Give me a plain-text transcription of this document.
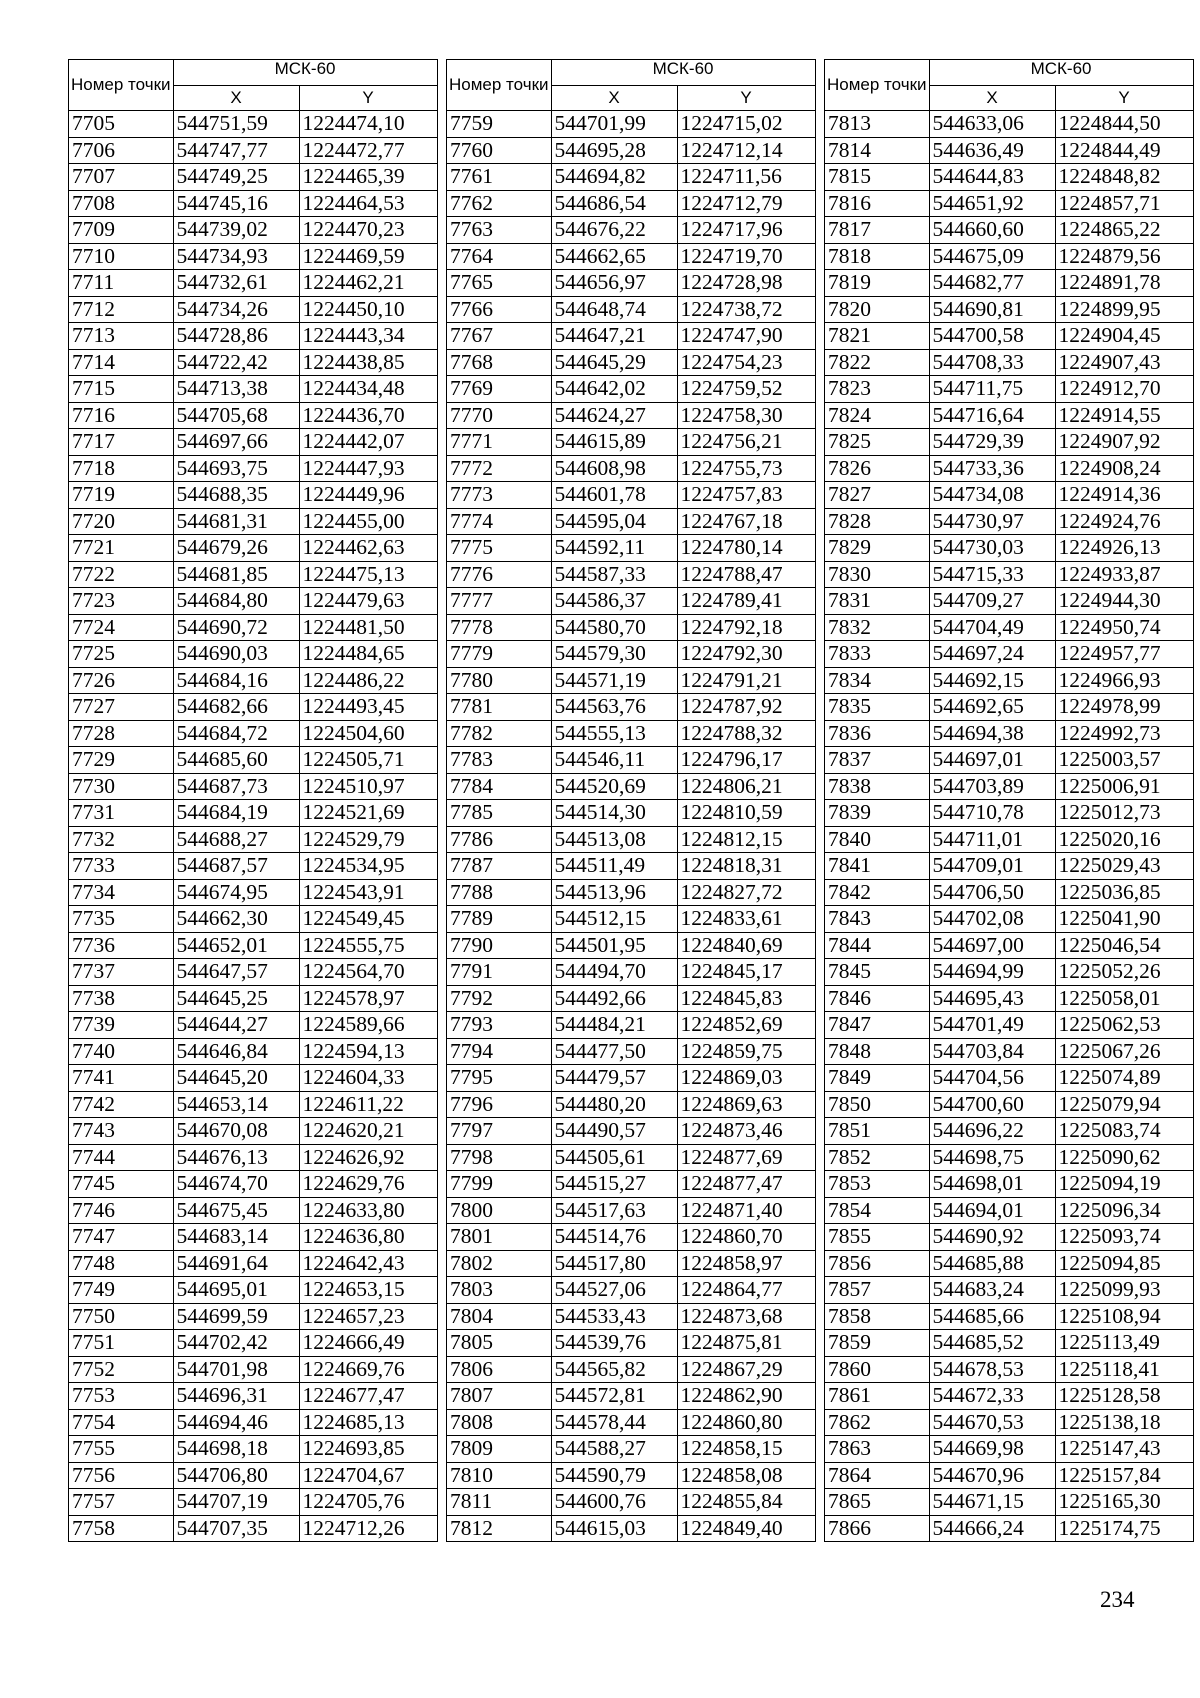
Номер точки	МСК-60	
	X	Y
7705	544751,59	1224474,10
7706	544747,77	1224472,77
7707	544749,25	1224465,39
7708	544745,16	1224464,53
7709	544739,02	1224470,23
7710	544734,93	1224469,59
7711	544732,61	1224462,21
7712	544734,26	1224450,10
7713	544728,86	1224443,34
7714	544722,42	1224438,85
7715	544713,38	1224434,48
7716	544705,68	1224436,70
7717	544697,66	1224442,07
7718	544693,75	1224447,93
7719	544688,35	1224449,96
7720	544681,31	1224455,00
7721	544679,26	1224462,63
7722	544681,85	1224475,13
7723	544684,80	1224479,63
7724	544690,72	1224481,50
7725	544690,03	1224484,65
7726	544684,16	1224486,22
7727	544682,66	1224493,45
7728	544684,72	1224504,60
7729	544685,60	1224505,71
7730	544687,73	1224510,97
7731	544684,19	1224521,69
7732	544688,27	1224529,79
7733	544687,57	1224534,95
7734	544674,95	1224543,91
7735	544662,30	1224549,45
7736	544652,01	1224555,75
7737	544647,57	1224564,70
7738	544645,25	1224578,97
7739	544644,27	1224589,66
7740	544646,84	1224594,13
7741	544645,20	1224604,33
7742	544653,14	1224611,22
7743	544670,08	1224620,21
7744	544676,13	1224626,92
7745	544674,70	1224629,76
7746	544675,45	1224633,80
7747	544683,14	1224636,80
7748	544691,64	1224642,43
7749	544695,01	1224653,15
7750	544699,59	1224657,23
7751	544702,42	1224666,49
7752	544701,98	1224669,76
7753	544696,31	1224677,47
7754	544694,46	1224685,13
7755	544698,18	1224693,85
7756	544706,80	1224704,67
7757	544707,19	1224705,76
7758	544707,35	1224712,26
Номер точки	МСК-60	
	X	Y
7759	544701,99	1224715,02
7760	544695,28	1224712,14
7761	544694,82	1224711,56
7762	544686,54	1224712,79
7763	544676,22	1224717,96
7764	544662,65	1224719,70
7765	544656,97	1224728,98
7766	544648,74	1224738,72
7767	544647,21	1224747,90
7768	544645,29	1224754,23
7769	544642,02	1224759,52
7770	544624,27	1224758,30
7771	544615,89	1224756,21
7772	544608,98	1224755,73
7773	544601,78	1224757,83
7774	544595,04	1224767,18
7775	544592,11	1224780,14
7776	544587,33	1224788,47
7777	544586,37	1224789,41
7778	544580,70	1224792,18
7779	544579,30	1224792,30
7780	544571,19	1224791,21
7781	544563,76	1224787,92
7782	544555,13	1224788,32
7783	544546,11	1224796,17
7784	544520,69	1224806,21
7785	544514,30	1224810,59
7786	544513,08	1224812,15
7787	544511,49	1224818,31
7788	544513,96	1224827,72
7789	544512,15	1224833,61
7790	544501,95	1224840,69
7791	544494,70	1224845,17
7792	544492,66	1224845,83
7793	544484,21	1224852,69
7794	544477,50	1224859,75
7795	544479,57	1224869,03
7796	544480,20	1224869,63
7797	544490,57	1224873,46
7798	544505,61	1224877,69
7799	544515,27	1224877,47
7800	544517,63	1224871,40
7801	544514,76	1224860,70
7802	544517,80	1224858,97
7803	544527,06	1224864,77
7804	544533,43	1224873,68
7805	544539,76	1224875,81
7806	544565,82	1224867,29
7807	544572,81	1224862,90
7808	544578,44	1224860,80
7809	544588,27	1224858,15
7810	544590,79	1224858,08
7811	544600,76	1224855,84
7812	544615,03	1224849,40
Номер точки	МСК-60	
	X	Y
7813	544633,06	1224844,50
7814	544636,49	1224844,49
7815	544644,83	1224848,82
7816	544651,92	1224857,71
7817	544660,60	1224865,22
7818	544675,09	1224879,56
7819	544682,77	1224891,78
7820	544690,81	1224899,95
7821	544700,58	1224904,45
7822	544708,33	1224907,43
7823	544711,75	1224912,70
7824	544716,64	1224914,55
7825	544729,39	1224907,92
7826	544733,36	1224908,24
7827	544734,08	1224914,36
7828	544730,97	1224924,76
7829	544730,03	1224926,13
7830	544715,33	1224933,87
7831	544709,27	1224944,30
7832	544704,49	1224950,74
7833	544697,24	1224957,77
7834	544692,15	1224966,93
7835	544692,65	1224978,99
7836	544694,38	1224992,73
7837	544697,01	1225003,57
7838	544703,89	1225006,91
7839	544710,78	1225012,73
7840	544711,01	1225020,16
7841	544709,01	1225029,43
7842	544706,50	1225036,85
7843	544702,08	1225041,90
7844	544697,00	1225046,54
7845	544694,99	1225052,26
7846	544695,43	1225058,01
7847	544701,49	1225062,53
7848	544703,84	1225067,26
7849	544704,56	1225074,89
7850	544700,60	1225079,94
7851	544696,22	1225083,74
7852	544698,75	1225090,62
7853	544698,01	1225094,19
7854	544694,01	1225096,34
7855	544690,92	1225093,74
7856	544685,88	1225094,85
7857	544683,24	1225099,93
7858	544685,66	1225108,94
7859	544685,52	1225113,49
7860	544678,53	1225118,41
7861	544672,33	1225128,58
7862	544670,53	1225138,18
7863	544669,98	1225147,43
7864	544670,96	1225157,84
7865	544671,15	1225165,30
7866	544666,24	1225174,75
234
